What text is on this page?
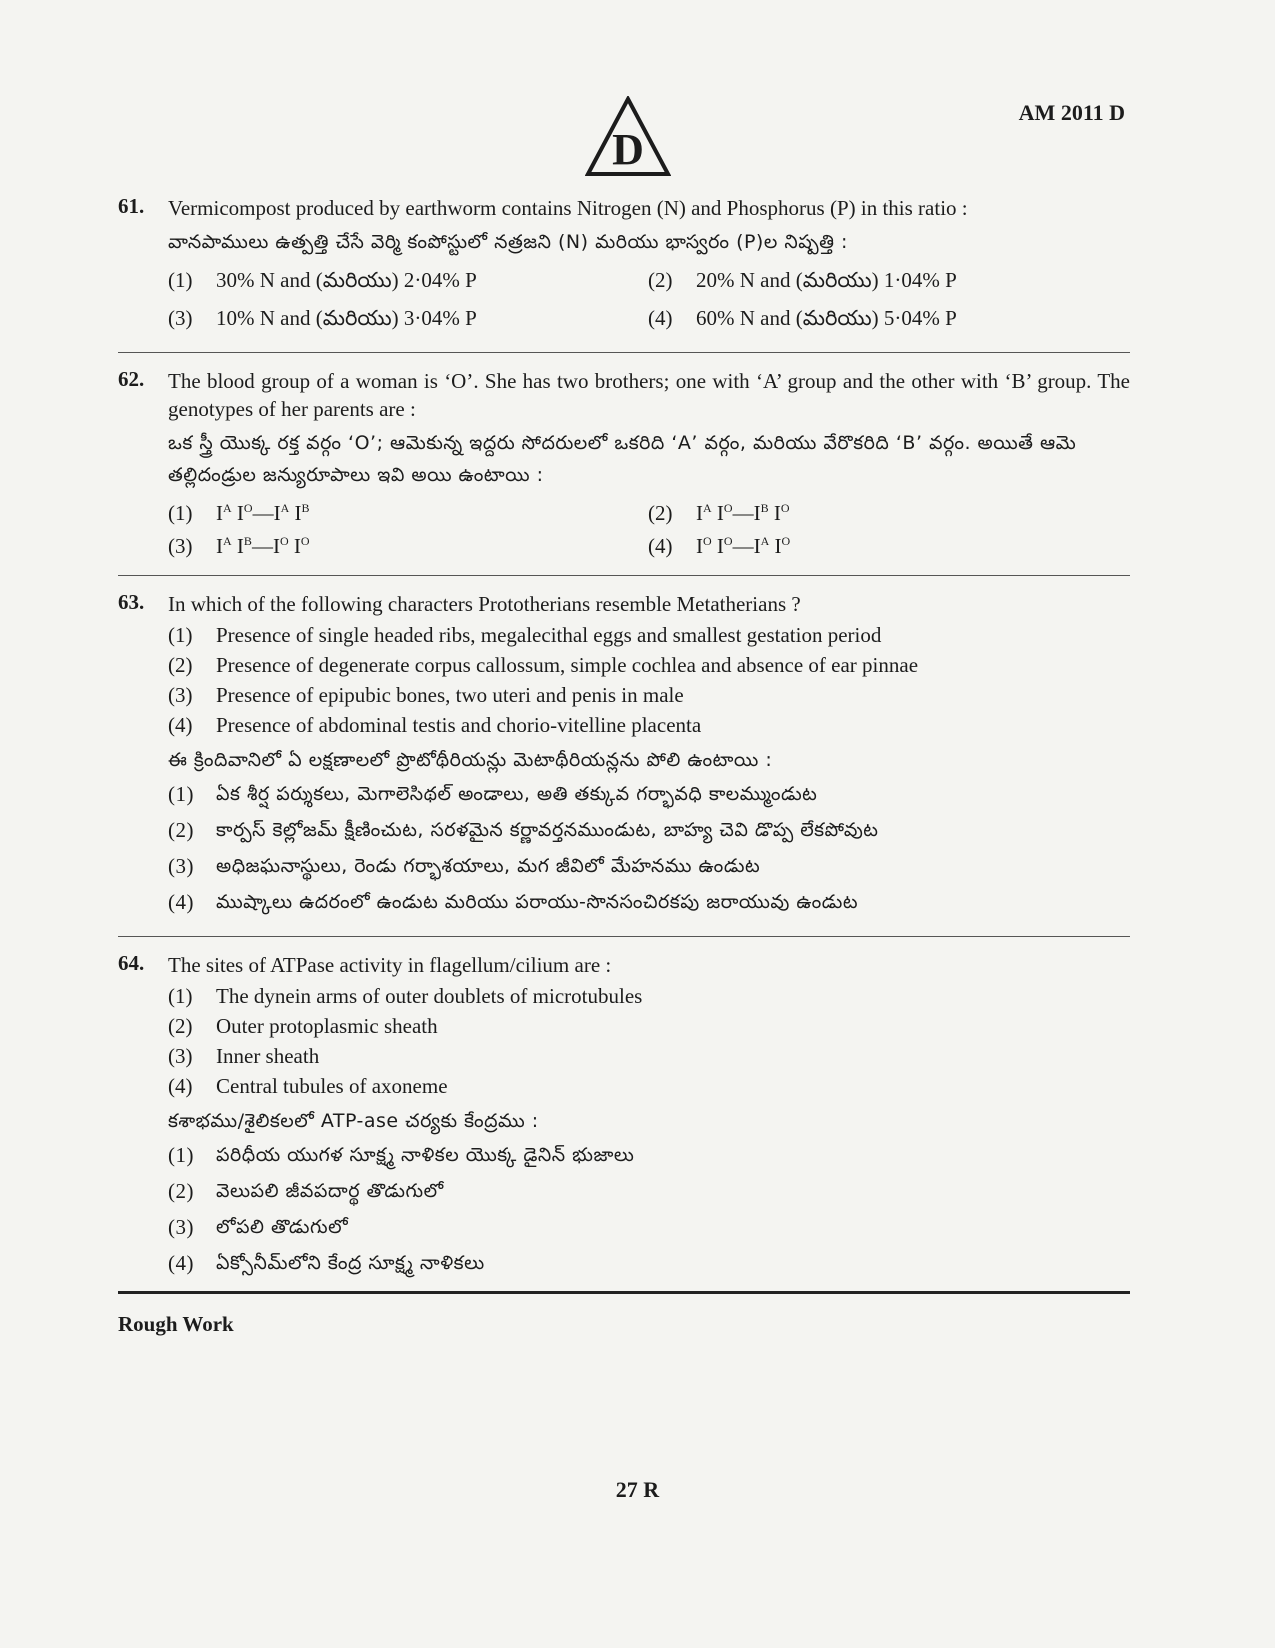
AM 2011 D
D
61. Vermicompost produced by earthworm contains Nitrogen (N) and Phosphorus (P) in this ratio :
వానపాములు ఉత్పత్తి చేసే వెర్మి కంపోస్టులో నత్రజని (N) మరియు భాస్వరం (P)ల నిష్పత్తి :
(1)	30% N and (మరియు) 2·04% P	(2)	20% N and (మరియు) 1·04% P
(3)	10% N and (మరియు) 3·04% P	(4)	60% N and (మరియు) 5·04% P
62. The blood group of a woman is ‘O’. She has two brothers; one with ‘A’ group and the other with ‘B’ group. The genotypes of her parents are :
ఒక స్త్రీ యొక్క రక్త వర్గం ‘O’; ఆమెకున్న ఇద్దరు సోదరులలో ఒకరిది ‘A’ వర్గం, మరియు వేరొకరిది ‘B’ వర్గం. అయితే ఆమె తల్లిదండ్రుల జన్యురూపాలు ఇవి అయి ఉంటాయి :
(1)	$I^A$ $I^O—I^A$ $I^B$	(2)	$I^A$ $I^O—I^B$ $I^O$
(3)	$I^A$ $I^B—I^O$ $I^O$	(4)	$I^O$ $I^O—I^A$ $I^O$
63. In which of the following characters Prototherians resemble Metatherians ?
(1)	Presence of single headed ribs, megalecithal eggs and smallest gestation period
(2)	Presence of degenerate corpus callossum, simple cochlea and absence of ear pinnae
(3)	Presence of epipubic bones, two uteri and penis in male
(4)	Presence of abdominal testis and chorio-vitelline placenta
ఈ క్రిందివానిలో ఏ లక్షణాలలో ప్రొటోథీరియన్లు మెటాథీరియన్లను పోలి ఉంటాయి :
(1)	ఏక శీర్ష పర్శుకలు, మెగాలెసిథల్ అండాలు, అతి తక్కువ గర్భావధి కాలమ్ముండుట
(2)	కార్పస్ కెల్లోజమ్ క్షీణించుట, సరళమైన కర్ణావర్తనముండుట, బాహ్య చెవి డొప్ప లేకపోవుట
(3)	అధిజఘనాస్థులు, రెండు గర్భాశయాలు, మగ జీవిలో మేహనము ఉండుట
(4)	ముష్కాలు ఉదరంలో ఉండుట మరియు పరాయు-సొనసంచిరకపు జరాయువు ఉండుట
64. The sites of ATPase activity in flagellum/cilium are :
(1)	The dynein arms of outer doublets of microtubules
(2)	Outer protoplasmic sheath
(3)	Inner sheath
(4)	Central tubules of axoneme
కశాభము/శైలికలలో ATP-ase చర్యకు కేంద్రము :
(1)	పరిధీయ యుగళ సూక్ష్మ నాళికల యొక్క డైనిన్ భుజాలు
(2)	వెలుపలి జీవపదార్థ తొడుగులో
(3)	లోపలి తొడుగులో
(4)	ఏక్సోనీమ్‌లోని కేంద్ర సూక్ష్మ నాళికలు
Rough Work
27 R
